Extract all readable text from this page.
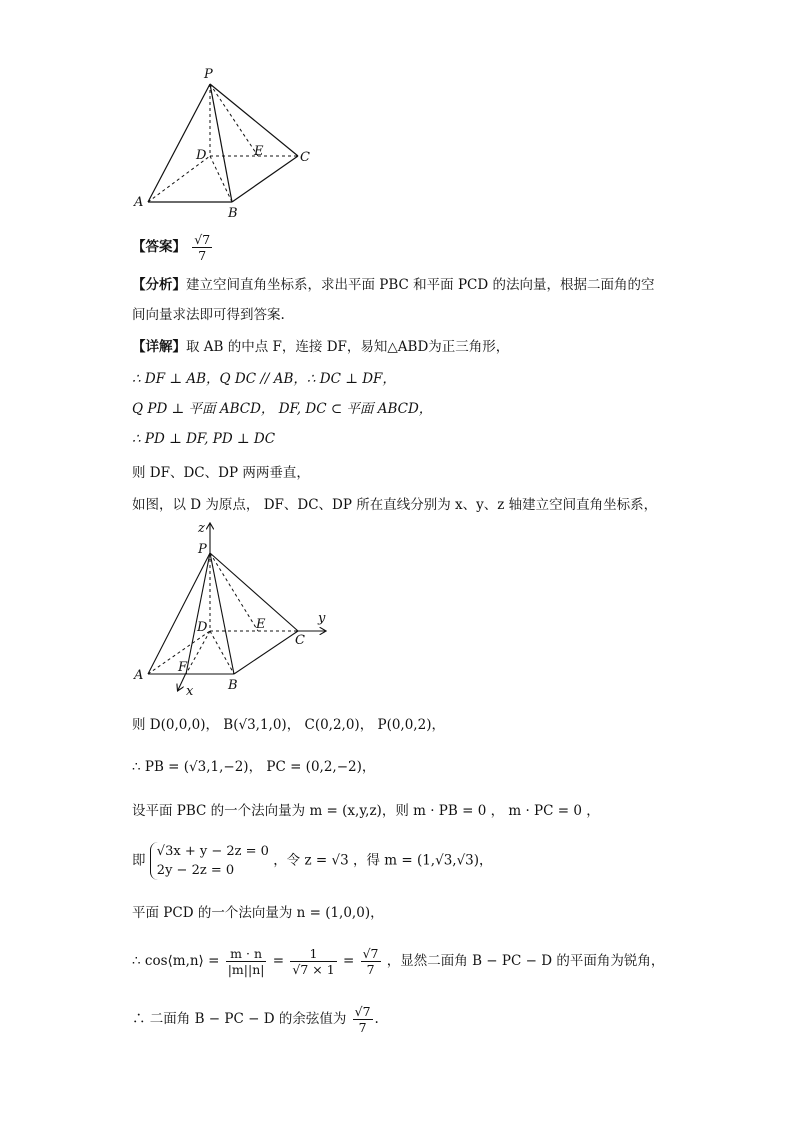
P
D	E	C
A
B
【答案】 $\frac{√7}{7}$
【分析】建立空间直角坐标系，求出平面 PBC 和平面 PCD 的法向量，根据二面角的空
间向量求法即可得到答案.
【详解】取 AB 的中点 F，连接 DF，易知△ABD为正三角形，
∴ DF ⊥ AB，Q DC // AB，∴ DC ⊥ DF，
Q PD ⊥ 平面 ABCD， DF, DC ⊂ 平面 ABCD，
∴ PD ⊥ DF, PD ⊥ DC
则 DF、DC、DP 两两垂直，
如图，以 D 为原点， DF、DC、DP 所在直线分别为 x、y、z 轴建立空间直角坐标系，
z
P
y
D	E
C
A
F
B
x
则 D(0,0,0)， B(√3,1,0)， C(0,2,0)， P(0,0,2)，
∴ PB = (√3,1,−2)， PC = (0,2,−2)，
设平面 PBC 的一个法向量为 m = (x,y,z)，则 m · PB = 0 ， m · PC = 0 ，
即
√3x + y − 2z = 0
2y − 2z = 0
，令 z = √3 ，得 m = (1,√3,√3)，
平面 PCD 的一个法向量为 n = (1,0,0)，
∴ cos⟨m,n⟩ = $\frac{m \cdot n}{|m||n|} = \frac{1}{√7 \times 1} = \frac{√7}{7}$ ，显然二面角 B − PC − D 的平面角为锐角，
∴ 二面角 B − PC − D 的余弦值为 $\frac{√7}{7}$ .
